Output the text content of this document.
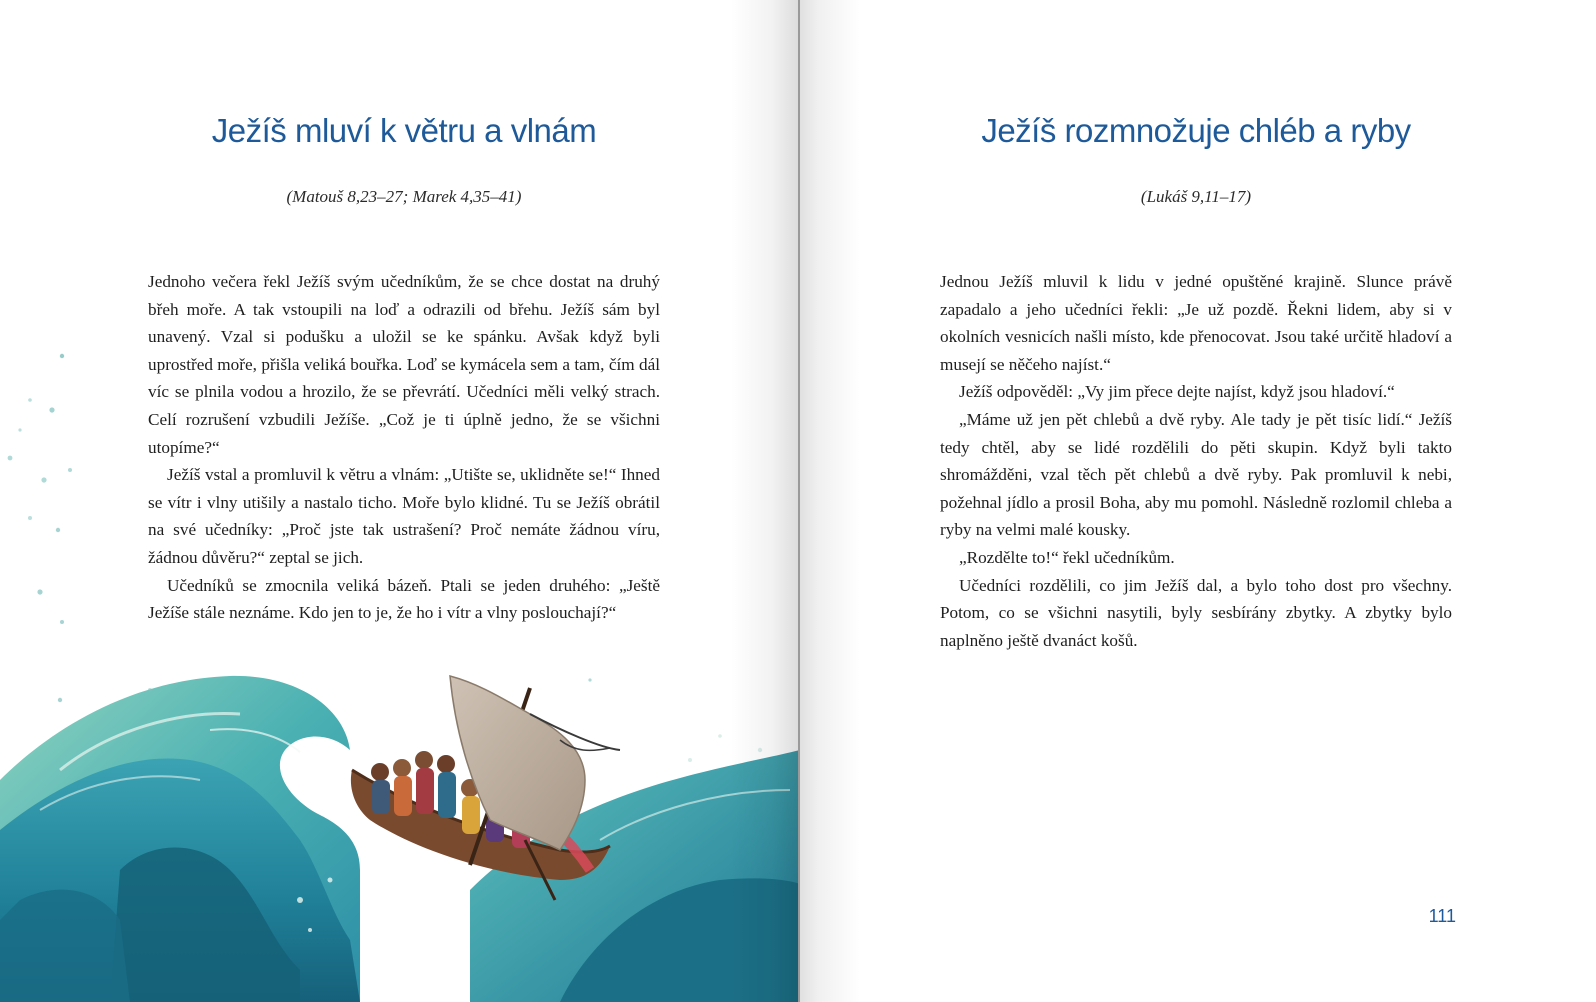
Ježíš mluví k větru a vlnám

(Matouš 8,23–27; Marek 4,35–41)

Jednoho večera řekl Ježíš svým učedníkům, že se chce dostat na druhý břeh moře. A tak vstoupili na loď a odrazili od břehu. Ježíš sám byl unavený. Vzal si podušku a uložil se ke spánku. Avšak když byli uprostřed moře, přišla veliká bouřka. Loď se kymácela sem a tam, čím dál víc se plnila vodou a hrozilo, že se převrátí. Učedníci měli velký strach. Celí rozrušení vzbudili Ježíše. „Což je ti úplně jedno, že se všichni utopíme?“

Ježíš vstal a promluvil k větru a vlnám: „Utište se, uklidněte se!“ Ihned se vítr i vlny utišily a nastalo ticho. Moře bylo klidné. Tu se Ježíš obrátil na své učedníky: „Proč jste tak ustrašení? Proč nemáte žádnou víru, žádnou důvěru?“ zeptal se jich.

Učedníků se zmocnila veliká bázeň. Ptali se jeden druhého: „Ještě Ježíše stále neznáme. Kdo jen to je, že ho i vítr a vlny poslouchají?“

Ježíš rozmnožuje chléb a ryby

(Lukáš 9,11–17)

Jednou Ježíš mluvil k lidu v jedné opuštěné krajině. Slunce právě zapadalo a jeho učedníci řekli: „Je už pozdě. Řekni lidem, aby si v okolních vesnicích našli místo, kde přenocovat. Jsou také určitě hladoví a musejí se něčeho najíst.“

Ježíš odpověděl: „Vy jim přece dejte najíst, když jsou hladoví.“

„Máme už jen pět chlebů a dvě ryby. Ale tady je pět tisíc lidí.“ Ježíš tedy chtěl, aby se lidé rozdělili do pěti skupin. Když byli takto shromážděni, vzal těch pět chlebů a dvě ryby. Pak promluvil k nebi, požehnal jídlo a prosil Boha, aby mu pomohl. Následně rozlomil chleba a ryby na velmi malé kousky.

„Rozdělte to!“ řekl učedníkům.

Učedníci rozdělili, co jim Ježíš dal, a bylo toho dost pro všechny. Potom, co se všichni nasytili, byly sesbírány zbytky. A zbytky bylo naplněno ještě dvanáct košů.

111
